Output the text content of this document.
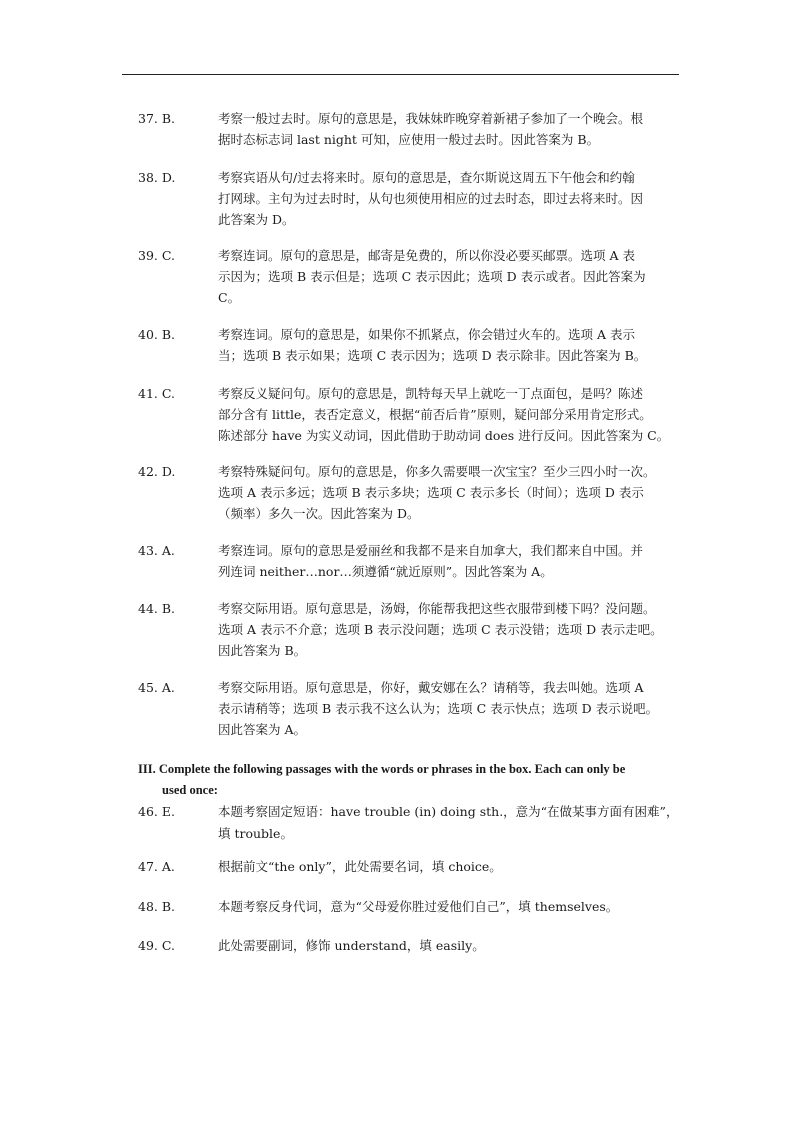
37. B.	考察一般过去时。原句的意思是，我妹妹昨晚穿着新裙子参加了一个晚会。根
据时态标志词 last night 可知，应使用一般过去时。因此答案为 B。
38. D.	考察宾语从句/过去将来时。原句的意思是，查尔斯说这周五下午他会和约翰
打网球。主句为过去时时，从句也须使用相应的过去时态，即过去将来时。因
此答案为 D。
39. C.	考察连词。原句的意思是，邮寄是免费的，所以你没必要买邮票。选项 A 表
示因为；选项 B 表示但是；选项 C 表示因此；选项 D 表示或者。因此答案为
C。
40. B.	考察连词。原句的意思是，如果你不抓紧点，你会错过火车的。选项 A 表示
当；选项 B 表示如果；选项 C 表示因为；选项 D 表示除非。因此答案为 B。
41. C.	考察反义疑问句。原句的意思是，凯特每天早上就吃一丁点面包，是吗？陈述
部分含有 little，表否定意义，根据“前否后肯”原则，疑问部分采用肯定形式。
陈述部分 have 为实义动词，因此借助于助动词 does 进行反问。因此答案为 C。
42. D.	考察特殊疑问句。原句的意思是，你多久需要喂一次宝宝？至少三四小时一次。
选项 A 表示多远；选项 B 表示多块；选项 C 表示多长（时间）；选项 D 表示
（频率）多久一次。因此答案为 D。
43. A.	考察连词。原句的意思是爱丽丝和我都不是来自加拿大，我们都来自中国。并
列连词 neither…nor…须遵循“就近原则”。因此答案为 A。
44. B.	考察交际用语。原句意思是，汤姆，你能帮我把这些衣服带到楼下吗？没问题。
选项 A 表示不介意；选项 B 表示没问题；选项 C 表示没错；选项 D 表示走吧。
因此答案为 B。
45. A.	考察交际用语。原句意思是，你好，戴安娜在么？请稍等，我去叫她。选项 A
表示请稍等；选项 B 表示我不这么认为；选项 C 表示快点；选项 D 表示说吧。
因此答案为 A。
III. Complete the following passages with the words or phrases in the box. Each can only be
used once:
46. E.	本题考察固定短语：have trouble (in) doing sth.，意为“在做某事方面有困难”，
填 trouble。
47. A.	根据前文“the only”，此处需要名词，填 choice。
48. B.	本题考察反身代词，意为“父母爱你胜过爱他们自己”，填 themselves。
49. C.	此处需要副词，修饰 understand，填 easily。
